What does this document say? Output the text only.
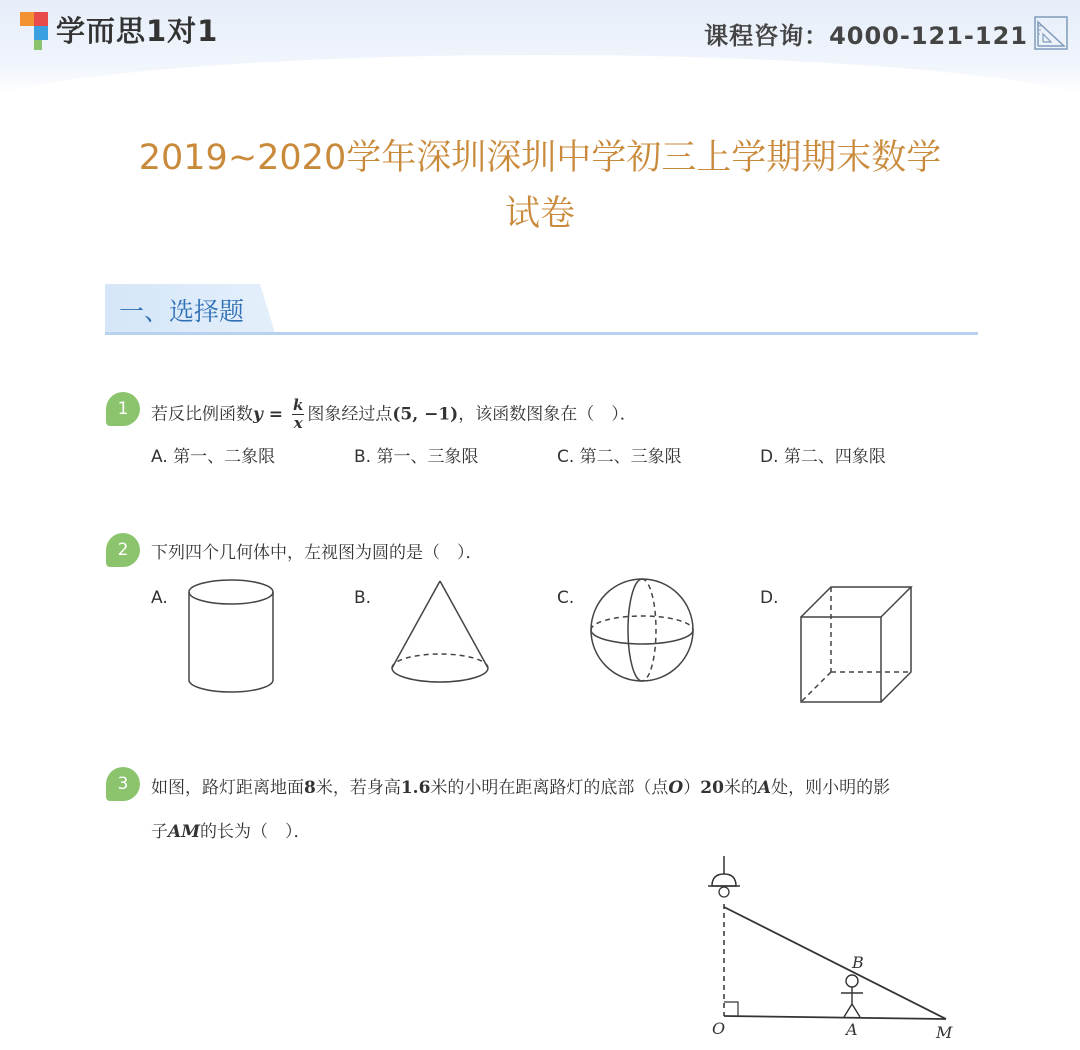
学而思1对1	课程咨询：4000-121-121
2019~2020学年深圳深圳中学初三上学期期末数学
试卷
一、选择题
1	若反比例函数$y = \frac{k}{x}$ 图象经过点(5, −1)，该函数图象在（　）．
A. 第一、二象限	B. 第一、三象限	C. 第二、三象限	D. 第二、四象限
2	下列四个几何体中，左视图为圆的是（　）．
A.	B.	C.	D.
3	如图，路灯距离地面8米，若身高1.6米的小明在距离路灯的底部（点O）20米的A处，则小明的影
子AM的长为（　）．
B
O	A	M
